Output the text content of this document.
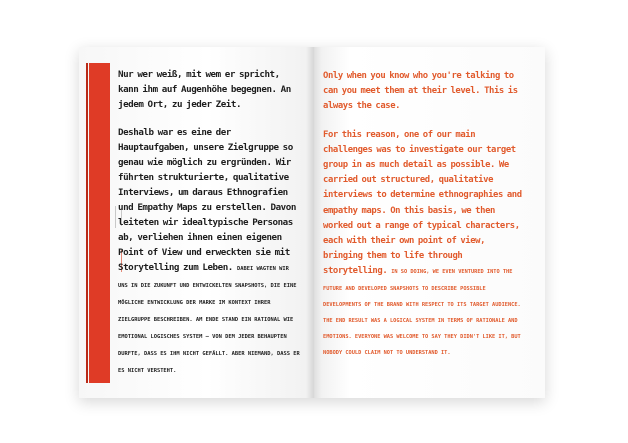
Nur wer weiß, mit wem er spricht, kann ihm auf Augenhöhe begegnen. An jedem Ort, zu jeder Zeit.

Deshalb war es eine der Hauptaufgaben, unsere Zielgruppe so genau wie möglich zu ergründen. Wir führten strukturierte, qualitative Interviews, um daraus Ethnografien und Empathy Maps zu erstellen. Davon leiteten wir idealtypische Personas ab, verliehen ihnen einen eigenen Point of View und erweckten sie mit Storytelling zum Leben. DABEI WAGTEN WIR UNS IN DIE ZUKUNFT UND ENTWICKELTEN SNAPSHOTS, DIE EINE MÖGLICHE ENTWICKLUNG DER MARKE IM KONTEXT IHRER ZIELGRUPPE BESCHREIBEN. AM ENDE STAND EIN RATIONAL WIE EMOTIONAL LOGISCHES SYSTEM – VON DEM JEDER BEHAUPTEN DURFTE, DASS ES IHM NICHT GEFÄLLT. ABER NIEMAND, DASS ER ES NICHT VERSTEHT.

Only when you know who you're talking to can you meet them at their level. This is always the case.

For this reason, one of our main challenges was to investigate our target group in as much detail as possible. We carried out structured, qualitative interviews to determine ethnographies and empathy maps. On this basis, we then worked out a range of typical characters, each with their own point of view, bringing them to life through storytelling. IN SO DOING, WE EVEN VENTURED INTO THE FUTURE AND DEVELOPED SNAPSHOTS TO DESCRIBE POSSIBLE DEVELOPMENTS OF THE BRAND WITH RESPECT TO ITS TARGET AUDIENCE. THE END RESULT WAS A LOGICAL SYSTEM IN TERMS OF RATIONALE AND EMOTIONS. EVERYONE WAS WELCOME TO SAY THEY DIDN'T LIKE IT, BUT NOBODY COULD CLAIM NOT TO UNDERSTAND IT.
